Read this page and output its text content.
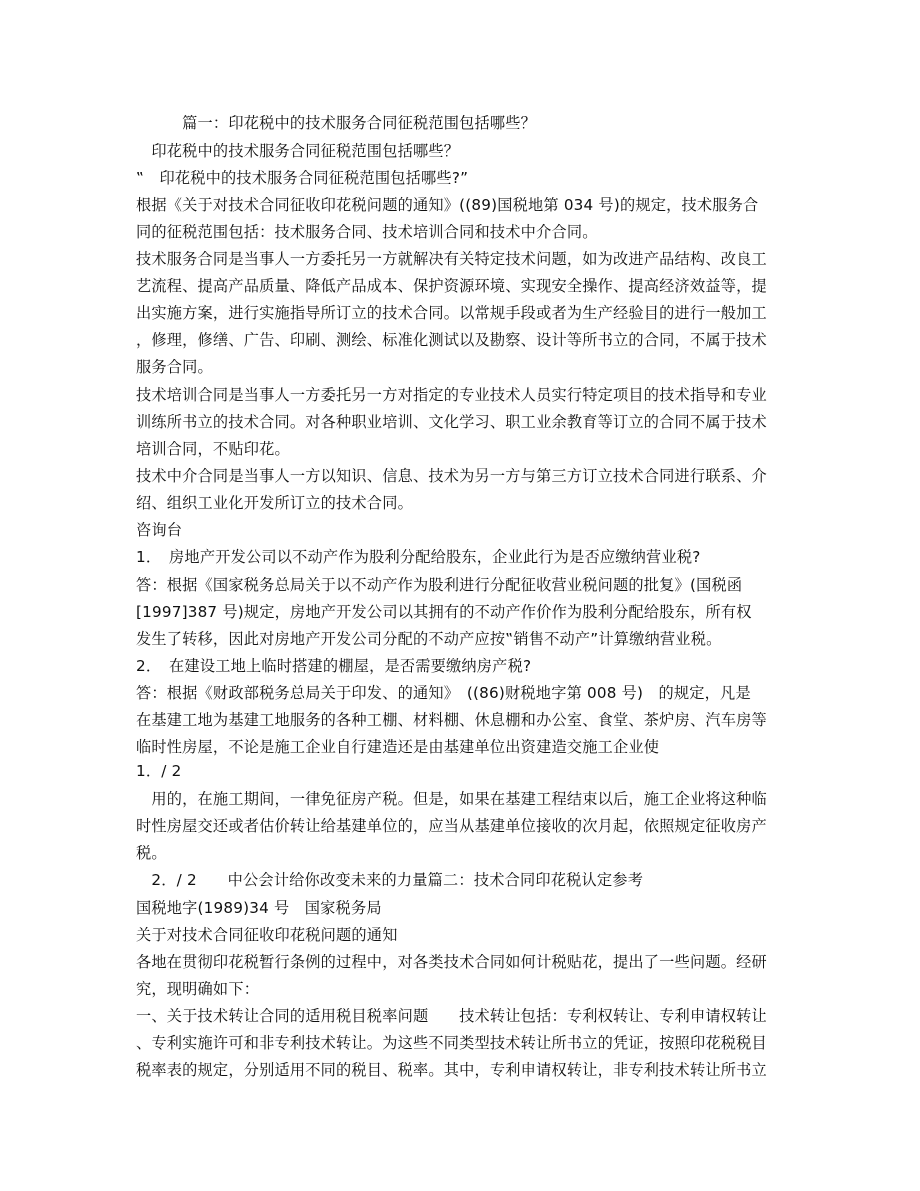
　　　篇一：印花税中的技术服务合同征税范围包括哪些？
　印花税中的技术服务合同征税范围包括哪些？
‟　印花税中的技术服务合同征税范围包括哪些?”
根据《关于对技术合同征收印花税问题的通知》((89)国税地第 034 号)的规定，技术服务合
同的征税范围包括：技术服务合同、技术培训合同和技术中介合同。
技术服务合同是当事人一方委托另一方就解决有关特定技术问题，如为改进产品结构、改良工
艺流程、提高产品质量、降低产品成本、保护资源环境、实现安全操作、提高经济效益等，提
出实施方案，进行实施指导所订立的技术合同。以常规手段或者为生产经验目的进行一般加工
，修理，修缮、广告、印刷、测绘、标准化测试以及勘察、设计等所书立的合同，不属于技术
服务合同。
技术培训合同是当事人一方委托另一方对指定的专业技术人员实行特定项目的技术指导和专业
训练所书立的技术合同。对各种职业培训、文化学习、职工业余教育等订立的合同不属于技术
培训合同，不贴印花。
技术中介合同是当事人一方以知识、信息、技术为另一方与第三方订立技术合同进行联系、介
绍、组织工业化开发所订立的技术合同。
咨询台
1．　房地产开发公司以不动产作为股利分配给股东，企业此行为是否应缴纳营业税?
答：根据《国家税务总局关于以不动产作为股利进行分配征收营业税问题的批复》(国税函
[1997]387 号)规定，房地产开发公司以其拥有的不动产作价作为股利分配给股东，所有权
发生了转移，因此对房地产开发公司分配的不动产应按‟销售不动产”计算缴纳营业税。
2．　在建设工地上临时搭建的棚屋，是否需要缴纳房产税?
答：根据《财政部税务总局关于印发、的通知》　((86)财税地字第 008 号)　的规定，凡是
在基建工地为基建工地服务的各种工棚、材料棚、休息棚和办公室、食堂、茶炉房、汽车房等
临时性房屋，不论是施工企业自行建造还是由基建单位出资建造交施工企业使
1．/ 2
　用的，在施工期间，一律免征房产税。但是，如果在基建工程结束以后，施工企业将这种临
时性房屋交还或者估价转让给基建单位的，应当从基建单位接收的次月起，依照规定征收房产
税。
　2．/ 2　　中公会计给你改变未来的力量篇二：技术合同印花税认定参考
国税地字(1989)34 号　国家税务局
关于对技术合同征收印花税问题的通知
各地在贯彻印花税暂行条例的过程中，对各类技术合同如何计税贴花，提出了一些问题。经研
究，现明确如下：
一、关于技术转让合同的适用税目税率问题　　技术转让包括：专利权转让、专利申请权转让
、专利实施许可和非专利技术转让。为这些不同类型技术转让所书立的凭证，按照印花税税目
税率表的规定，分别适用不同的税目、税率。其中，专利申请权转让，非专利技术转让所书立
